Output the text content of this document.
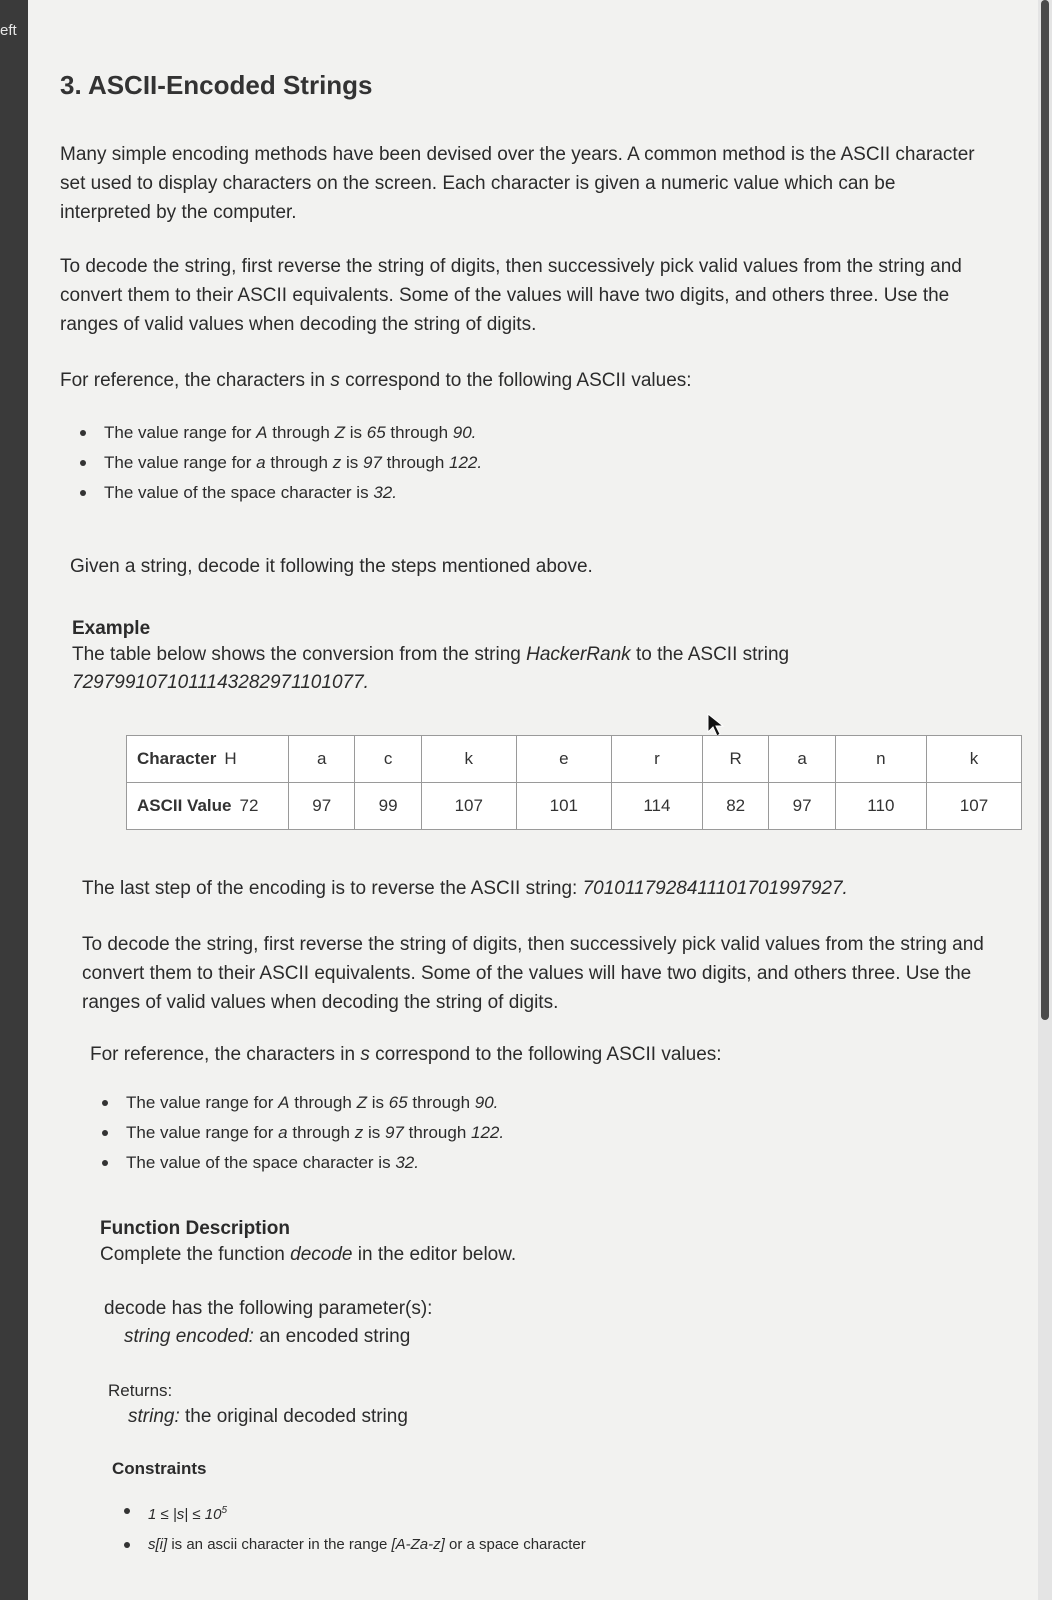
eft
3. ASCII-Encoded Strings

Many simple encoding methods have been devised over the years. A common method is the ASCII character set used to display characters on the screen. Each character is given a numeric value which can be interpreted by the computer.

To decode the string, first reverse the string of digits, then successively pick valid values from the string and convert them to their ASCII equivalents. Some of the values will have two digits, and others three. Use the ranges of valid values when decoding the string of digits.

For reference, the characters in s correspond to the following ASCII values:

The value range for A through Z is 65 through 90.
The value range for a through z is 97 through 122.
The value of the space character is 32.

Given a string, decode it following the steps mentioned above.

Example

The table below shows the conversion from the string HackerRank to the ASCII string

7297991071011143282971101077.

Character H	a	c	k	e	r	R	a	n	k
ASCII Value 72	97	99	107	101	114	82	97	110	107

The last step of the encoding is to reverse the ASCII string: 7010117928411101701997927.

To decode the string, first reverse the string of digits, then successively pick valid values from the string and convert them to their ASCII equivalents. Some of the values will have two digits, and others three. Use the ranges of valid values when decoding the string of digits.

For reference, the characters in s correspond to the following ASCII values:

The value range for A through Z is 65 through 90.
The value range for a through z is 97 through 122.
The value of the space character is 32.

Function Description

Complete the function decode in the editor below.

decode has the following parameter(s):

string encoded: an encoded string

Returns:

string: the original decoded string

Constraints

$1 \le |s| \le 10^5$
s[i] is an ascii character in the range [A-Za-z] or a space character
